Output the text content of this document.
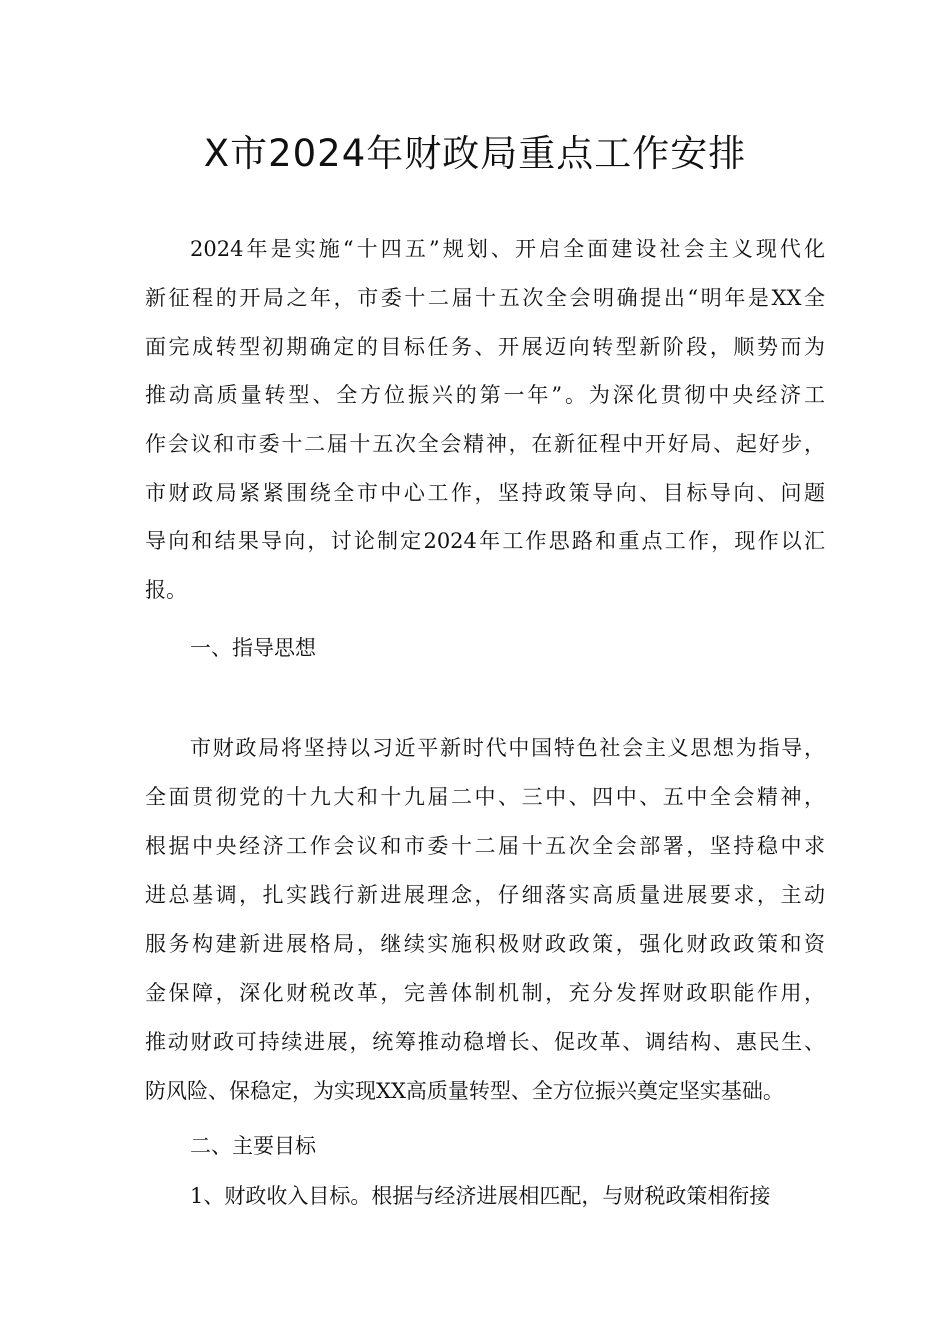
X市2024年财政局重点工作安排
2024年是实施“十四五”规划、开启全面建设社会主义现代化
新征程的开局之年，市委十二届十五次全会明确提出“明年是XX全
面完成转型初期确定的目标任务、开展迈向转型新阶段，顺势而为
推动高质量转型、全方位振兴的第一年”。为深化贯彻中央经济工
作会议和市委十二届十五次全会精神，在新征程中开好局、起好步，
市财政局紧紧围绕全市中心工作，坚持政策导向、目标导向、问题
导向和结果导向，讨论制定2024年工作思路和重点工作，现作以汇
报。
一、指导思想
市财政局将坚持以习近平新时代中国特色社会主义思想为指导，
全面贯彻党的十九大和十九届二中、三中、四中、五中全会精神，
根据中央经济工作会议和市委十二届十五次全会部署，坚持稳中求
进总基调，扎实践行新进展理念，仔细落实高质量进展要求，主动
服务构建新进展格局，继续实施积极财政政策，强化财政政策和资
金保障，深化财税改革，完善体制机制，充分发挥财政职能作用，
推动财政可持续进展，统筹推动稳增长、促改革、调结构、惠民生、
防风险、保稳定，为实现XX高质量转型、全方位振兴奠定坚实基础。
二、主要目标
1、财政收入目标。根据与经济进展相匹配，与财税政策相衔接
